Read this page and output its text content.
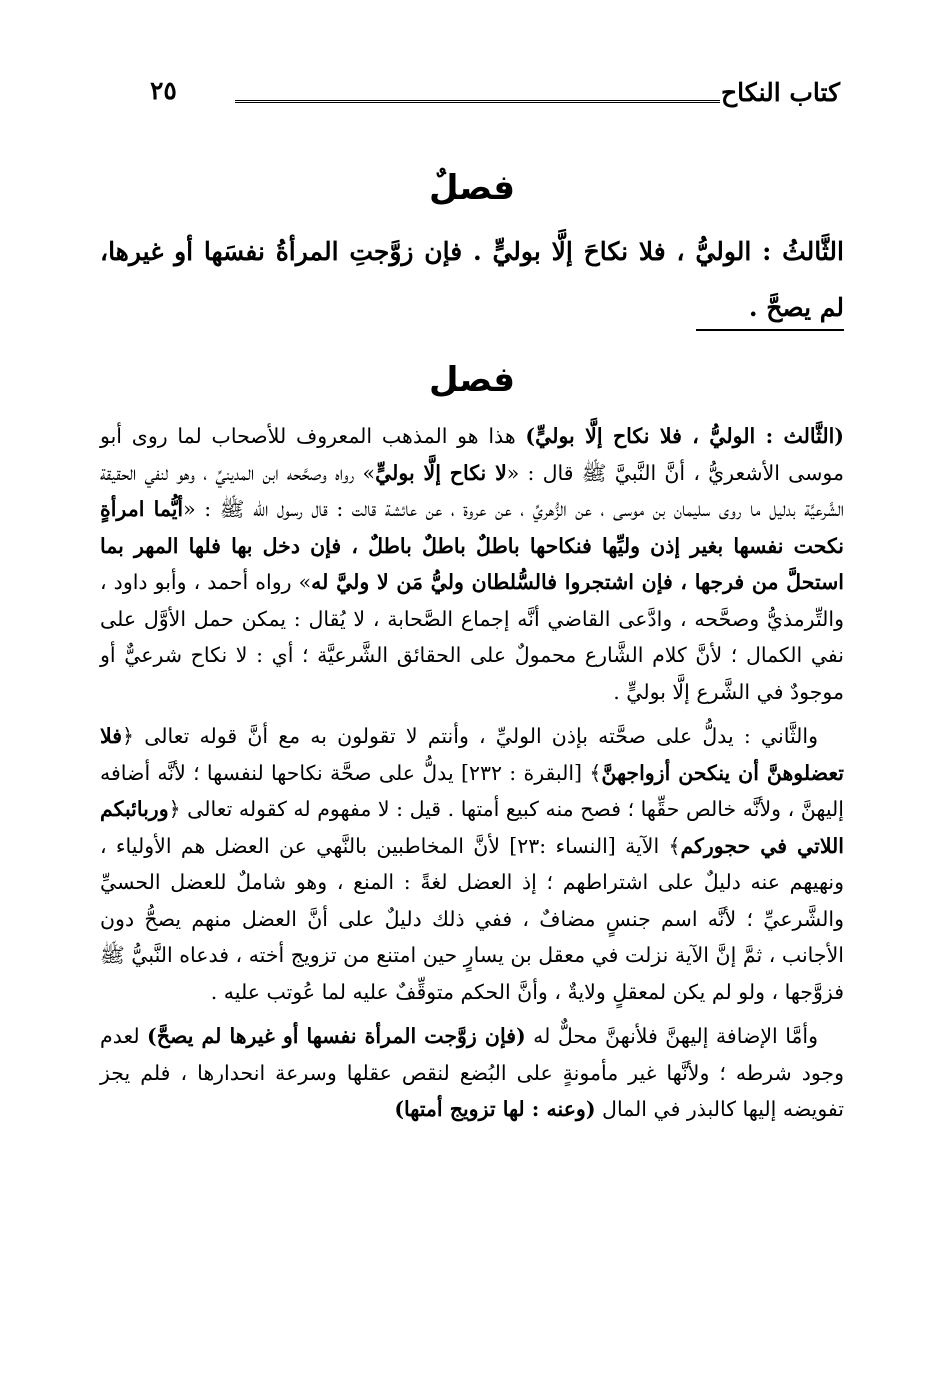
كتاب النكاح
٢٥
فصلٌ
الثَّالثُ : الوليُّ ، فلا نكاحَ إلَّا بوليٍّ . فإن زوَّجتِ المرأةُ نفسَها أو غيرها، لم يصحَّ .
فصل

(الثَّالث : الوليُّ ، فلا نكاح إلَّا بوليٍّ) هذا هو المذهب المعروف للأصحاب لما روى أبو موسى الأشعريُّ ، أنَّ النَّبيَّ ﷺ قال : «لا نكاح إلَّا بوليٍّ» رواه وصحَّحه ابن المدينيِّ ، وهو لنفي الحقيقة الشَّرعيَّة بدليل ما روى سليمان بن موسى ، عن الزُّهريِّ ، عن عروة ، عن عائشة قالت : قال رسول الله ﷺ : «أيُّما امرأةٍ نكحت نفسها بغير إذن وليِّها فنكاحها باطلٌ باطلٌ باطلٌ ، فإن دخل بها فلها المهر بما استحلَّ من فرجها ، فإن اشتجروا فالسُّلطان وليُّ مَن لا وليَّ له» رواه أحمد ، وأبو داود ، والتِّرمذيُّ وصحَّحه ، وادَّعى القاضي أنَّه إجماع الصَّحابة ، لا يُقال : يمكن حمل الأوَّل على نفي الكمال ؛ لأنَّ كلام الشَّارع محمولٌ على الحقائق الشَّرعيَّة ؛ أي : لا نكاح شرعيٌّ أو موجودٌ في الشَّرع إلَّا بوليٍّ .

والثَّاني : يدلُّ على صحَّته بإذن الوليِّ ، وأنتم لا تقولون به مع أنَّ قوله تعالى ﴿فلا تعضلوهنَّ أن ينكحن أزواجهنَّ﴾ [البقرة : ٢٣٢] يدلُّ على صحَّة نكاحها لنفسها ؛ لأنَّه أضافه إليهنَّ ، ولأنَّه خالص حقِّها ؛ فصح منه كبيع أمتها . قيل : لا مفهوم له كقوله تعالى ﴿وربائبكم اللاتي في حجوركم﴾ الآية [النساء :٢٣] لأنَّ المخاطبين بالنَّهي عن العضل هم الأولياء ، ونهيهم عنه دليلٌ على اشتراطهم ؛ إذ العضل لغةً : المنع ، وهو شاملٌ للعضل الحسيِّ والشَّرعيِّ ؛ لأنَّه اسم جنسٍ مضافٌ ، ففي ذلك دليلٌ على أنَّ العضل منهم يصحُّ دون الأجانب ، ثمَّ إنَّ الآية نزلت في معقل بن يسارٍ حين امتنع من تزويج أخته ، فدعاه النَّبيُّ ﷺ فزوَّجها ، ولو لم يكن لمعقلٍ ولايةٌ ، وأنَّ الحكم متوقِّفٌ عليه لما عُوتب عليه .

وأمَّا الإضافة إليهنَّ فلأنهنَّ محلٌّ له (فإن زوَّجت المرأة نفسها أو غيرها لم يصحَّ) لعدم وجود شرطه ؛ ولأنَّها غير مأمونةٍ على البُضع لنقص عقلها وسرعة انحدارها ، فلم يجز تفويضه إليها كالبذر في المال (وعنه : لها تزويج أمتها)
